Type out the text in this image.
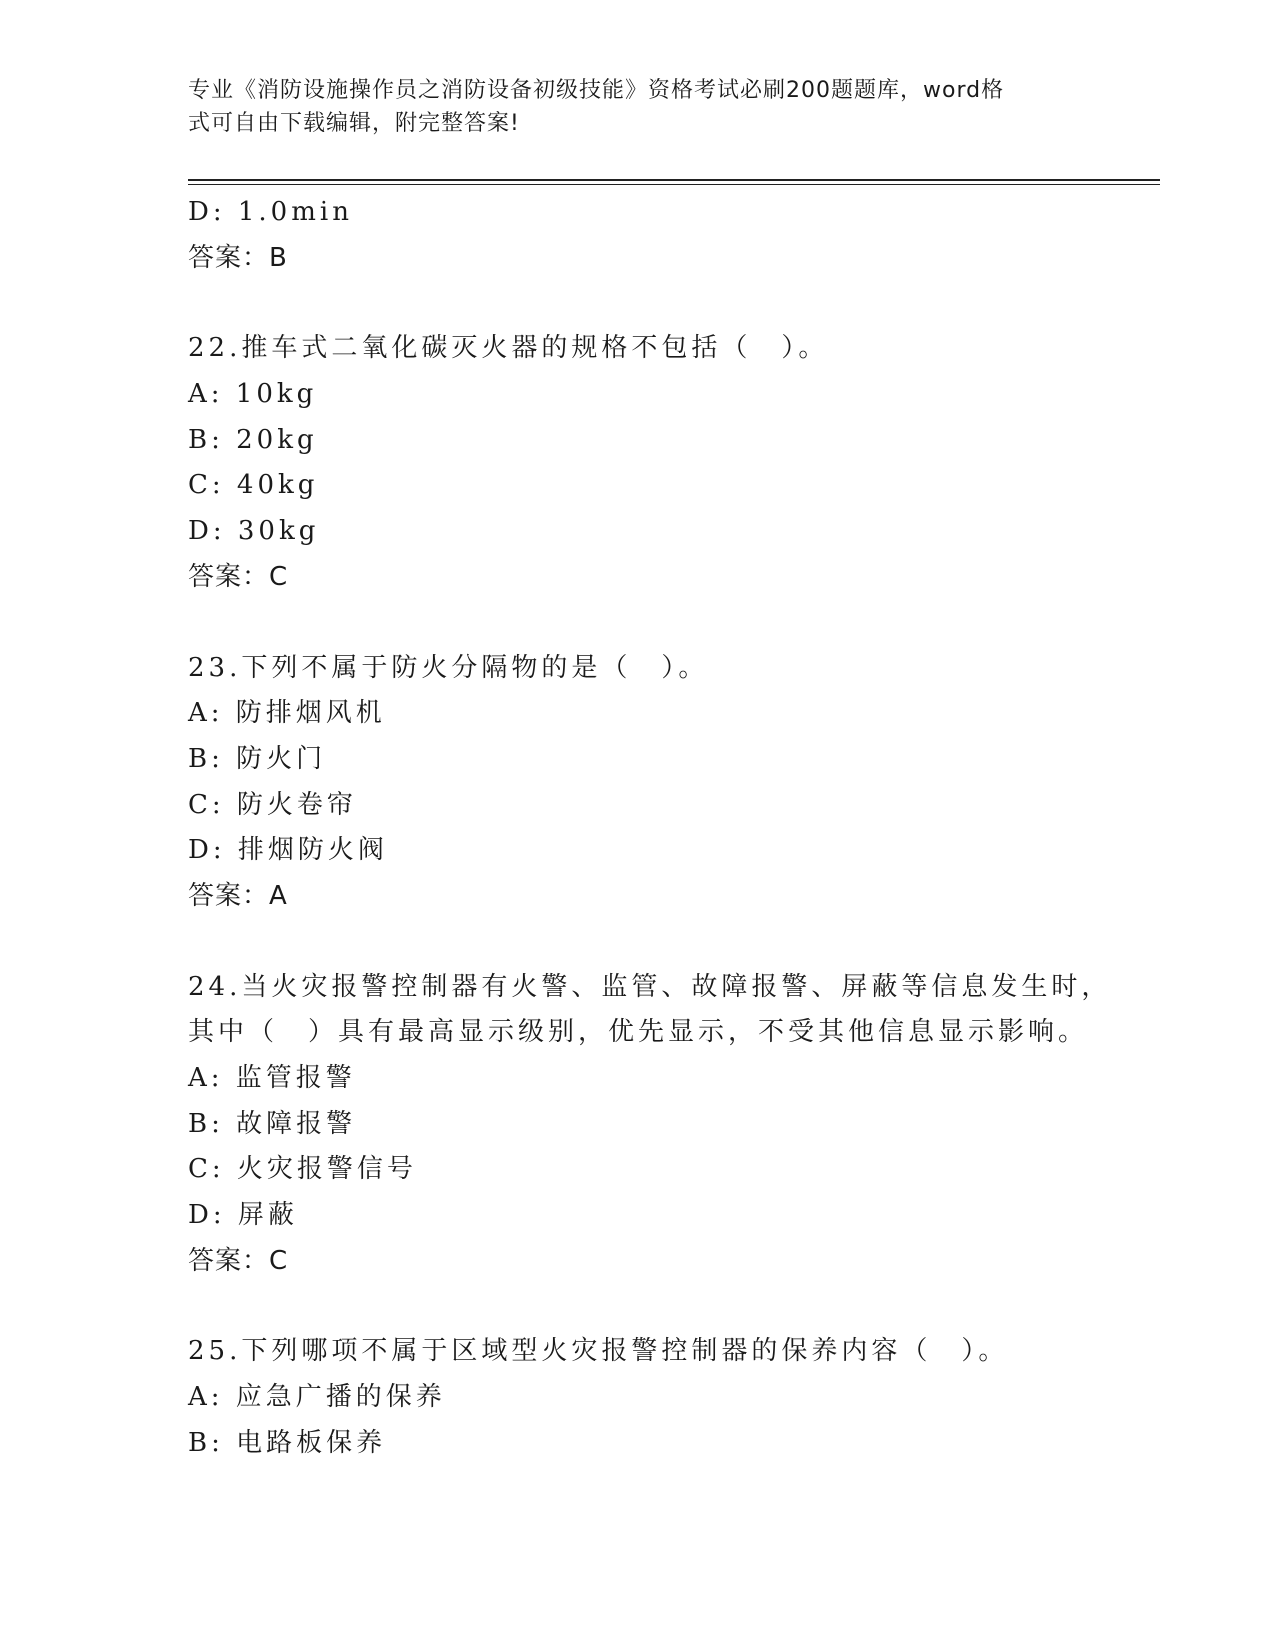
专业《消防设施操作员之消防设备初级技能》资格考试必刷200题题库，word格
式可自由下载编辑，附完整答案!
D: 1.0min
答案：B
22.推车式二氧化碳灭火器的规格不包括（　）。
A: 10kg
B: 20kg
C: 40kg
D: 30kg
答案：C
23.下列不属于防火分隔物的是（　）。
A: 防排烟风机
B: 防火门
C: 防火卷帘
D: 排烟防火阀
答案：A
24.当火灾报警控制器有火警、监管、故障报警、屏蔽等信息发生时，
其中（　）具有最高显示级别，优先显示，不受其他信息显示影响。
A: 监管报警
B: 故障报警
C: 火灾报警信号
D: 屏蔽
答案：C
25.下列哪项不属于区域型火灾报警控制器的保养内容（　）。
A: 应急广播的保养
B: 电路板保养
